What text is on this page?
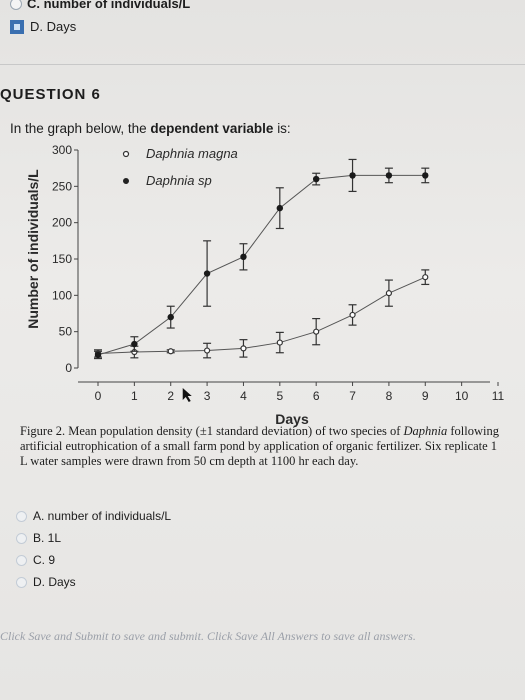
C. number of individuals/L
D. Days
QUESTION 6
In the graph below, the dependent variable is:
0
50
100
150
200
250
300
0 1 2 3 4 5 6 7 8 9 10 11
Days
Number of individuals/L
Daphnia magna
Daphnia sp
Figure 2. Mean population density (±1 standard deviation) of two species of Daphnia following artificial eutrophication of a small farm pond by application of organic fertilizer. Six replicate 1 L water samples were drawn from 50 cm depth at 1100 hr each day.
A. number of individuals/L
B. 1L
C. 9
D. Days
Click Save and Submit to save and submit. Click Save All Answers to save all answers.
